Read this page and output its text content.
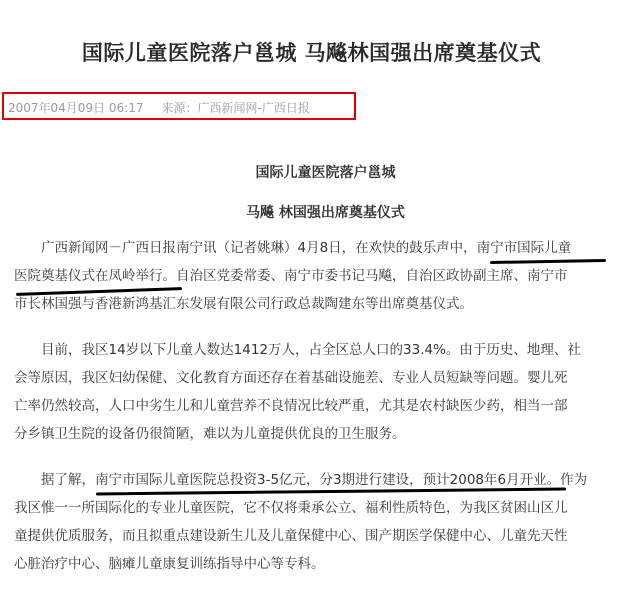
国际儿童医院落户邕城 马飚林国强出席奠基仪式
2007年04月09日 06:17 来源：广西新闻网-广西日报
国际儿童医院落户邕城
马飚 林国强出席奠基仪式
广西新闻网－广西日报南宁讯（记者姚琳）4月8日，在欢快的鼓乐声中，南宁市国际儿童
医院奠基仪式在凤岭举行。自治区党委常委、南宁市委书记马飚，自治区政协副主席、南宁市
市长林国强与香港新鸿基汇东发展有限公司行政总裁陶建东等出席奠基仪式。
目前，我区14岁以下儿童人数达1412万人，占全区总人口的33.4%。由于历史、地理、社
会等原因，我区妇幼保健、文化教育方面还存在着基础设施差、专业人员短缺等问题。婴儿死
亡率仍然较高，人口中劣生儿和儿童营养不良情况比较严重，尤其是农村缺医少药，相当一部
分乡镇卫生院的设备仍很简陋，难以为儿童提供优良的卫生服务。
据了解，南宁市国际儿童医院总投资3-5亿元，分3期进行建设，预计2008年6月开业。作为
我区惟一一所国际化的专业儿童医院，它不仅将秉承公立、福利性质特色，为我区贫困山区儿
童提供优质服务，而且拟重点建设新生儿及儿童保健中心、围产期医学保健中心、儿童先天性
心脏治疗中心、脑瘫儿童康复训练指导中心等专科。
